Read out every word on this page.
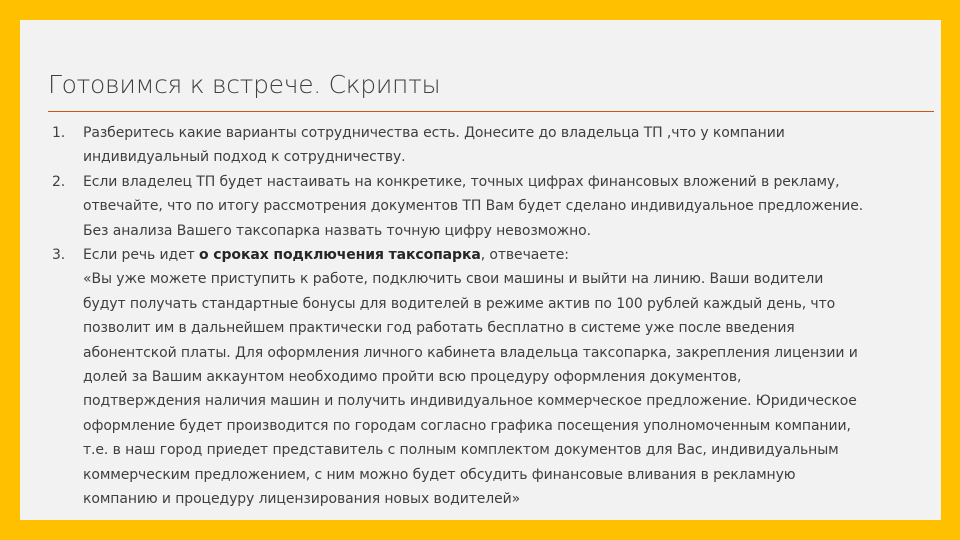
Готовимся к встрече. Скрипты
1. Разберитесь какие варианты сотрудничества есть. Донесите до владельца ТП ,что у компании
индивидуальный подход к сотрудничеству.
2. Если владелец ТП будет настаивать на конкретике, точных цифрах финансовых вложений в рекламу,
отвечайте, что по итогу рассмотрения документов ТП Вам будет сделано индивидуальное предложение.
Без анализа Вашего таксопарка назвать точную цифру невозможно.
3. Если речь идет о сроках подключения таксопарка, отвечаете:
«Вы уже можете приступить к работе, подключить свои машины и выйти на линию. Ваши водители
будут получать стандартные бонусы для водителей в режиме актив по 100 рублей каждый день, что
позволит им в дальнейшем практически год работать бесплатно в системе уже после введения
абонентской платы. Для оформления личного кабинета владельца таксопарка, закрепления лицензии и
долей за Вашим аккаунтом необходимо пройти всю процедуру оформления документов,
подтверждения наличия машин и получить индивидуальное коммерческое предложение. Юридическое
оформление будет производится по городам согласно графика посещения уполномоченным компании,
т.е. в наш город приедет представитель с полным комплектом документов для Вас, индивидуальным
коммерческим предложением, с ним можно будет обсудить финансовые вливания в рекламную
компанию и процедуру лицензирования новых водителей»
